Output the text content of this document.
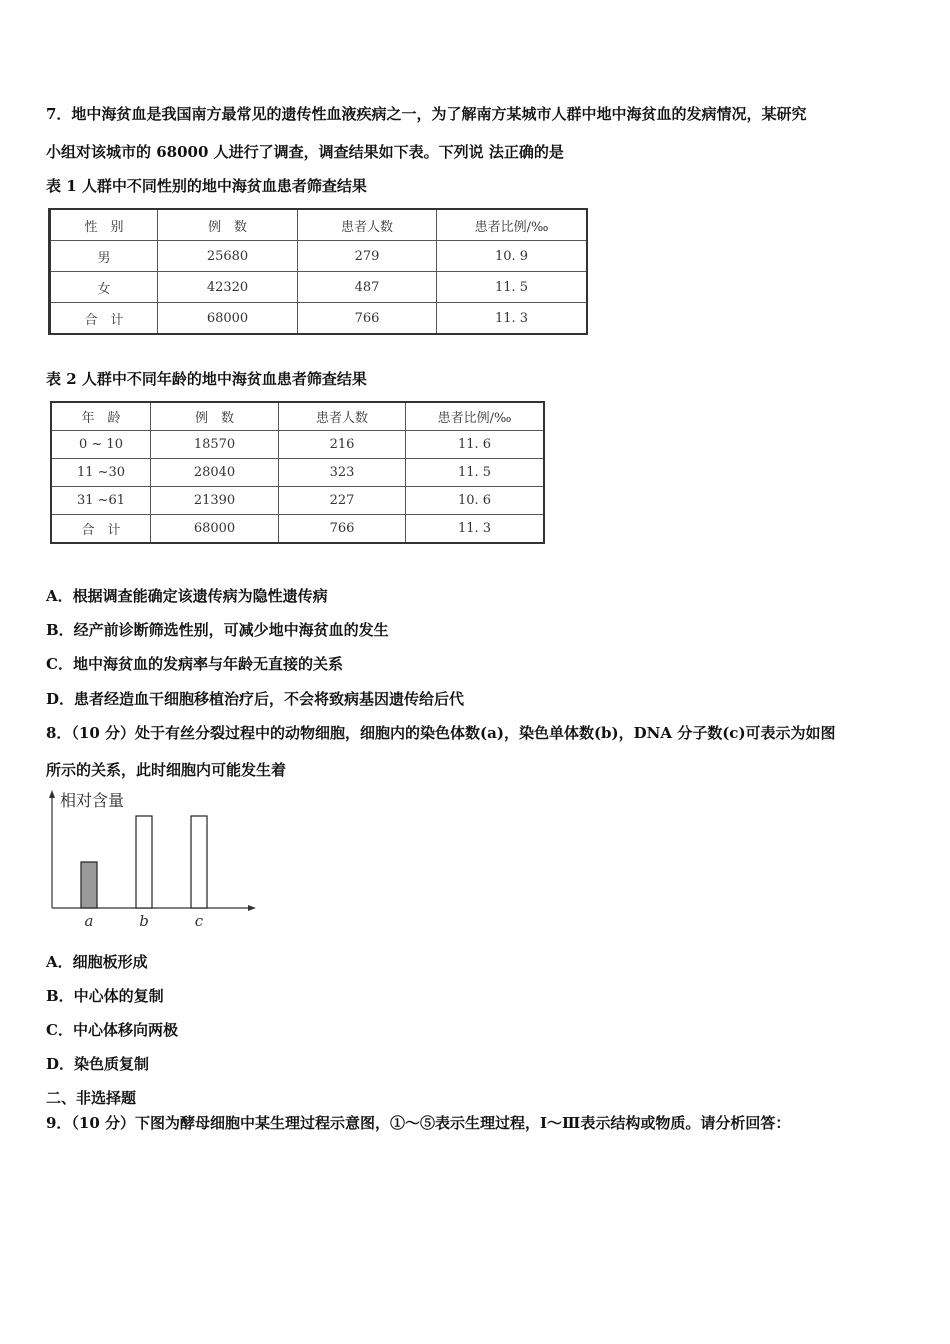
7．地中海贫血是我国南方最常见的遗传性血液疾病之一，为了解南方某城市人群中地中海贫血的发病情况，某研究
小组对该城市的 68000 人进行了调查，调查结果如下表。下列说 法正确的是
表 1 人群中不同性别的地中海贫血患者筛查结果
性　别	例　数	患者人数	患者比例/‰
男	25680	279	10. 9
女	42320	487	11. 5
合　计	68000	766	11. 3
表 2 人群中不同年龄的地中海贫血患者筛查结果
年　龄	例　数	患者人数	患者比例/‰
0 ~ 10	18570	216	11. 6
11 ~30	28040	323	11. 5
31 ~61	21390	227	10. 6
合　计	68000	766	11. 3
A．根据调查能确定该遗传病为隐性遗传病
B．经产前诊断筛选性别，可减少地中海贫血的发生
C．地中海贫血的发病率与年龄无直接的关系
D．患者经造血干细胞移植治疗后，不会将致病基因遗传给后代
8．（10 分）处于有丝分裂过程中的动物细胞，细胞内的染色体数(a)，染色单体数(b)，DNA 分子数(c)可表示为如图
所示的关系，此时细胞内可能发生着
相对含量
a	b	c
A．细胞板形成
B．中心体的复制
C．中心体移向两极
D．染色质复制
二、非选择题
9．（10 分）下图为酵母细胞中某生理过程示意图，①～⑤表示生理过程，Ⅰ～Ⅲ表示结构或物质。请分析回答：
